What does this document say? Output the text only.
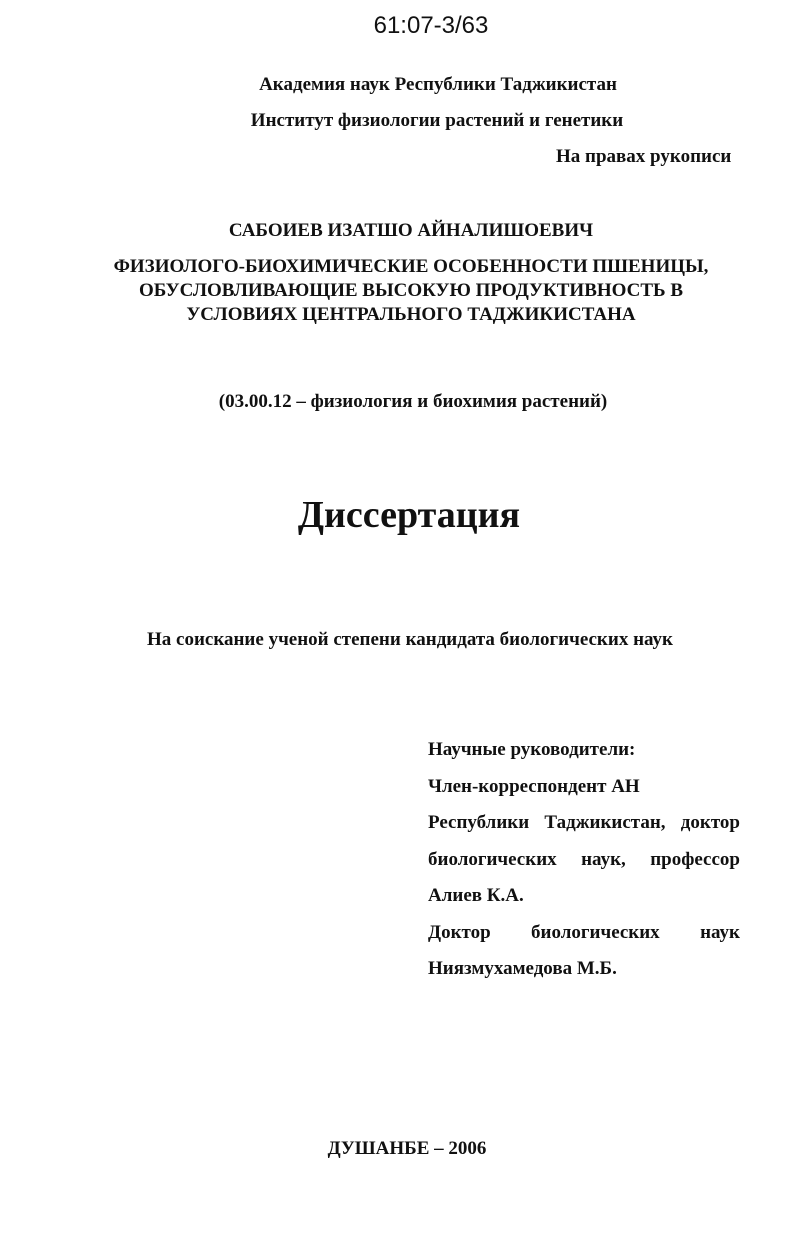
61:07-3/63
Академия наук Республики Таджикистан
Институт физиологии растений и генетики
На правах рукописи
САБОИЕВ ИЗАТШО АЙНАЛИШОЕВИЧ
ФИЗИОЛОГО-БИОХИМИЧЕСКИЕ ОСОБЕННОСТИ ПШЕНИЦЫ,
ОБУСЛОВЛИВАЮЩИЕ ВЫСОКУЮ ПРОДУКТИВНОСТЬ В
УСЛОВИЯХ ЦЕНТРАЛЬНОГО ТАДЖИКИСТАНА
(03.00.12 – физиология и биохимия растений)
Диссертация
На соискание ученой степени кандидата биологических наук
Научные руководители:
Член-корреспондент АН
Республики Таджикистан, доктор
биологических наук, профессор
Алиев К.А.
Доктор биологических наук
Ниязмухамедова М.Б.
ДУШАНБЕ – 2006
